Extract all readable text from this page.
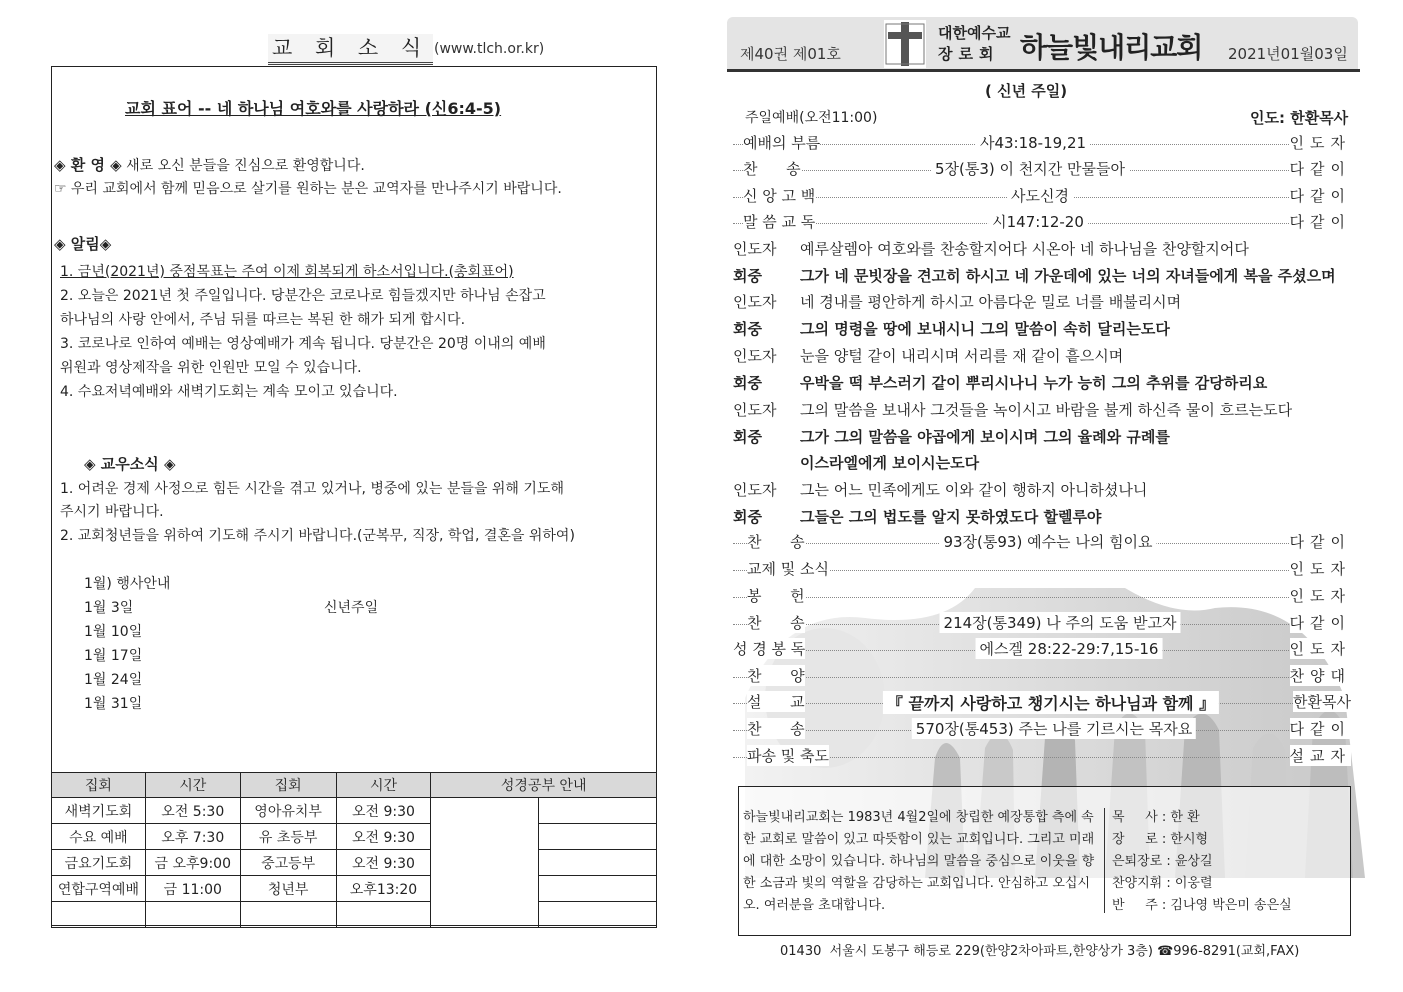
교 회 소 식 (www.tlch.or.kr)
교회 표어 -- 네 하나님 여호와를 사랑하라 (신6:4-5)
◈ 환 영 ◈ 새로 오신 분들을 진심으로 환영합니다.
☞ 우리 교회에서 함께 믿음으로 살기를 원하는 분은 교역자를 만나주시기 바랍니다.
◈ 알림◈
1. 금년(2021년) 중점목표는 주여 이제 회복되게 하소서입니다.(총회표어)
2. 오늘은 2021년 첫 주일입니다. 당분간은 코로나로 힘들겠지만 하나님 손잡고
하나님의 사랑 안에서, 주님 뒤를 따르는 복된 한 해가 되게 합시다.
3. 코로나로 인하여 예배는 영상예배가 계속 됩니다. 당분간은 20명 이내의 예배
위원과 영상제작을 위한 인원만 모일 수 있습니다.
4. 수요저녁예배와 새벽기도회는 계속 모이고 있습니다.
◈ 교우소식 ◈
1. 어려운 경제 사정으로 힘든 시간을 겪고 있거나, 병중에 있는 분들을 위해 기도해
주시기 바랍니다.
2. 교회청년들을 위하여 기도해 주시기 바랍니다.(군복무, 직장, 학업, 결혼을 위하여)
1월) 행사안내
1월 3일	신년주일
1월 10일
1월 17일
1월 24일
1월 31일
집회	시간	집회	시간	성경공부 안내	
새벽기도회	오전 5:30	영아유치부	오전 9:30		
수요 예배	오후 7:30	유 초등부	오전 9:30		
금요기도회	금 오후9:00	중고등부	오전 9:30		
연합구역예배	금 11:00	청년부	오후13:20		

제40권 제01호
대한예수교
장로회 하늘빛내리교회 2021년01월03일
( 신년 주일)
주일예배(오전11:00)	인도: 한환목사
예배의 부름	사43:18-19,21	인도자
찬      송	5장(통3) 이 천지간 만물들아	다같이
신 앙 고 백	사도신경	다같이
말 씀 교 독	시147:12-20	다같이
인도자 예루살렘아 여호와를 찬송할지어다 시온아 네 하나님을 찬양할지어다
회중	그가 네 문빗장을 견고히 하시고 네 가운데에 있는 너의 자녀들에게 복을 주셨으며
인도자 네 경내를 평안하게 하시고 아름다운 밀로 너를 배불리시며
회중	그의 명령을 땅에 보내시니 그의 말씀이 속히 달리는도다
인도자 눈을 양털 같이 내리시며 서리를 재 같이 흩으시며
회중	우박을 떡 부스러기 같이 뿌리시나니 누가 능히 그의 추위를 감당하리요
인도자 그의 말씀을 보내사 그것들을 녹이시고 바람을 불게 하신즉 물이 흐르는도다
회중	그가 그의 말씀을 야곱에게 보이시며 그의 율례와 규례를
이스라엘에게 보이시는도다
인도자 그는 어느 민족에게도 이와 같이 행하지 아니하셨나니
회중	그들은 그의 법도를 알지 못하였도다 할렐루야
찬      송	93장(통93) 예수는 나의 힘이요	다같이
교제 및 소식	인도자
봉      헌	인도자
찬      송	214장(통349) 나 주의 도움 받고자	다같이
성 경 봉 독	에스겔 28:22-29:7,15-16	인도자
찬      양	찬양대
설      교	『 끝까지 사랑하고 챙기시는 하나님과 함께 』	한환목사
찬      송	570장(통453) 주는 나를 기르시는 목자요	다같이
파송 및 축도	설교자
하늘빛내리교회는 1983년 4월2일에 창립한 예장통합 측에 속한 교회로 말씀이 있고 따뜻함이 있는 교회입니다. 그리고 미래에 대한 소망이 있습니다. 하나님의 말씀을 중심으로 이웃을 향한 소금과 빛의 역할을 감당하는 교회입니다. 안심하고 오십시오. 여러분을 초대합니다.
목     사 : 한 환
장     로 : 한시형
은퇴장로 : 윤상길
찬양지휘 : 이웅렬
반     주 : 김나영 박은미 송은실
01430  서울시 도봉구 해등로 229(한양2차아파트,한양상가 3층) ☎996-8291(교회,FAX)
